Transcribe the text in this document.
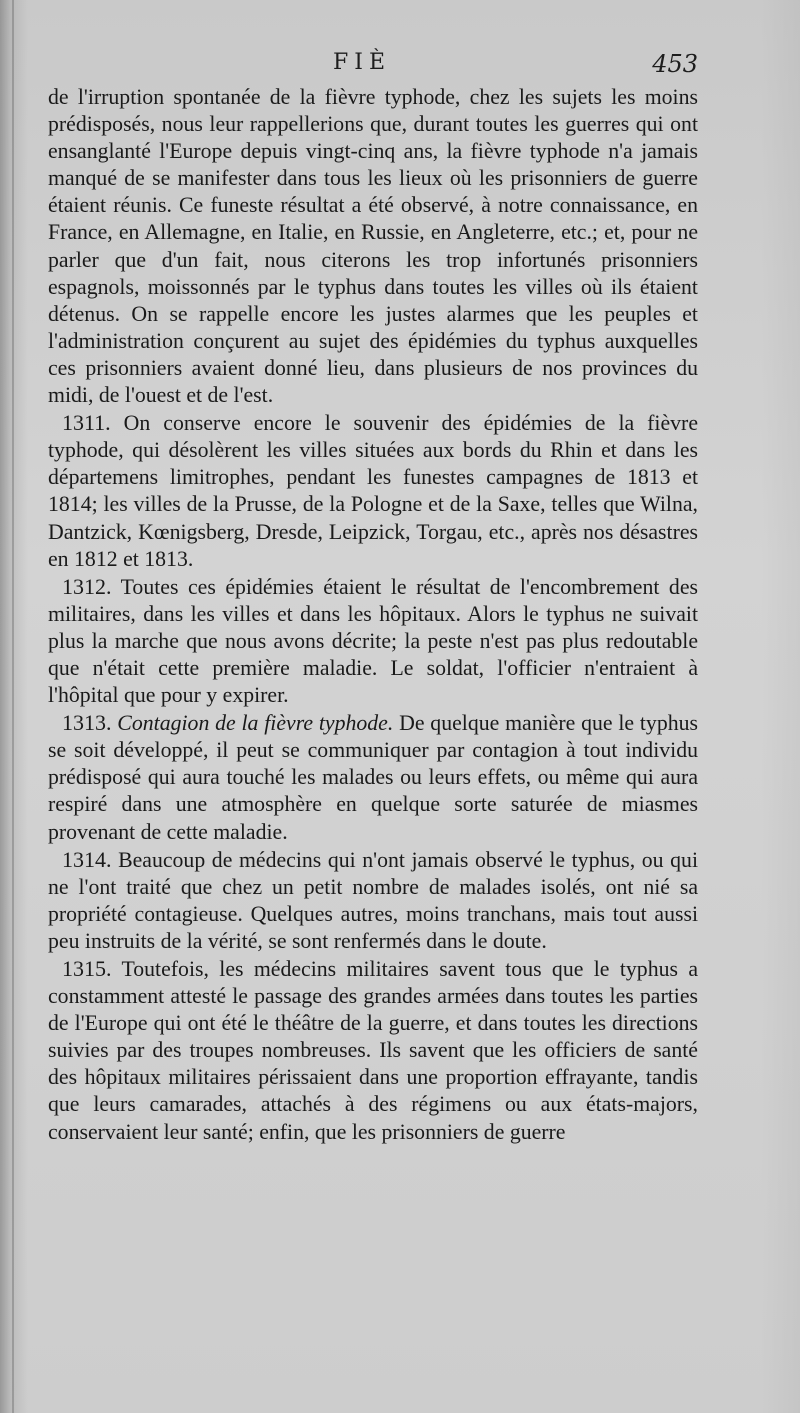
FIÈ	453

de l'irruption spontanée de la fièvre typhode, chez les sujets les moins prédisposés, nous leur rappellerions que, durant toutes les guerres qui ont ensanglanté l'Europe depuis vingt-cinq ans, la fièvre typhode n'a jamais manqué de se manifester dans tous les lieux où les prisonniers de guerre étaient réunis. Ce funeste résultat a été observé, à notre connaissance, en France, en Allemagne, en Italie, en Russie, en Angleterre, etc.; et, pour ne parler que d'un fait, nous citerons les trop infortunés prisonniers espagnols, moissonnés par le typhus dans toutes les villes où ils étaient détenus. On se rappelle encore les justes alarmes que les peuples et l'administration conçurent au sujet des épidémies du typhus auxquelles ces prisonniers avaient donné lieu, dans plusieurs de nos provinces du midi, de l'ouest et de l'est.

1311. On conserve encore le souvenir des épidémies de la fièvre typhode, qui désolèrent les villes situées aux bords du Rhin et dans les départemens limitrophes, pendant les funestes campagnes de 1813 et 1814; les villes de la Prusse, de la Pologne et de la Saxe, telles que Wilna, Dantzick, Kœnigsberg, Dresde, Leipzick, Torgau, etc., après nos désastres en 1812 et 1813.

1312. Toutes ces épidémies étaient le résultat de l'encombrement des militaires, dans les villes et dans les hôpitaux. Alors le typhus ne suivait plus la marche que nous avons décrite; la peste n'est pas plus redoutable que n'était cette première maladie. Le soldat, l'officier n'entraient à l'hôpital que pour y expirer.

1313. Contagion de la fièvre typhode. De quelque manière que le typhus se soit développé, il peut se communiquer par contagion à tout individu prédisposé qui aura touché les malades ou leurs effets, ou même qui aura respiré dans une atmosphère en quelque sorte saturée de miasmes provenant de cette maladie.

1314. Beaucoup de médecins qui n'ont jamais observé le typhus, ou qui ne l'ont traité que chez un petit nombre de malades isolés, ont nié sa propriété contagieuse. Quelques autres, moins tranchans, mais tout aussi peu instruits de la vérité, se sont renfermés dans le doute.

1315. Toutefois, les médecins militaires savent tous que le typhus a constamment attesté le passage des grandes armées dans toutes les parties de l'Europe qui ont été le théâtre de la guerre, et dans toutes les directions suivies par des troupes nombreuses. Ils savent que les officiers de santé des hôpitaux militaires périssaient dans une proportion effrayante, tandis que leurs camarades, attachés à des régimens ou aux états-majors, conservaient leur santé; enfin, que les prisonniers de guerre
